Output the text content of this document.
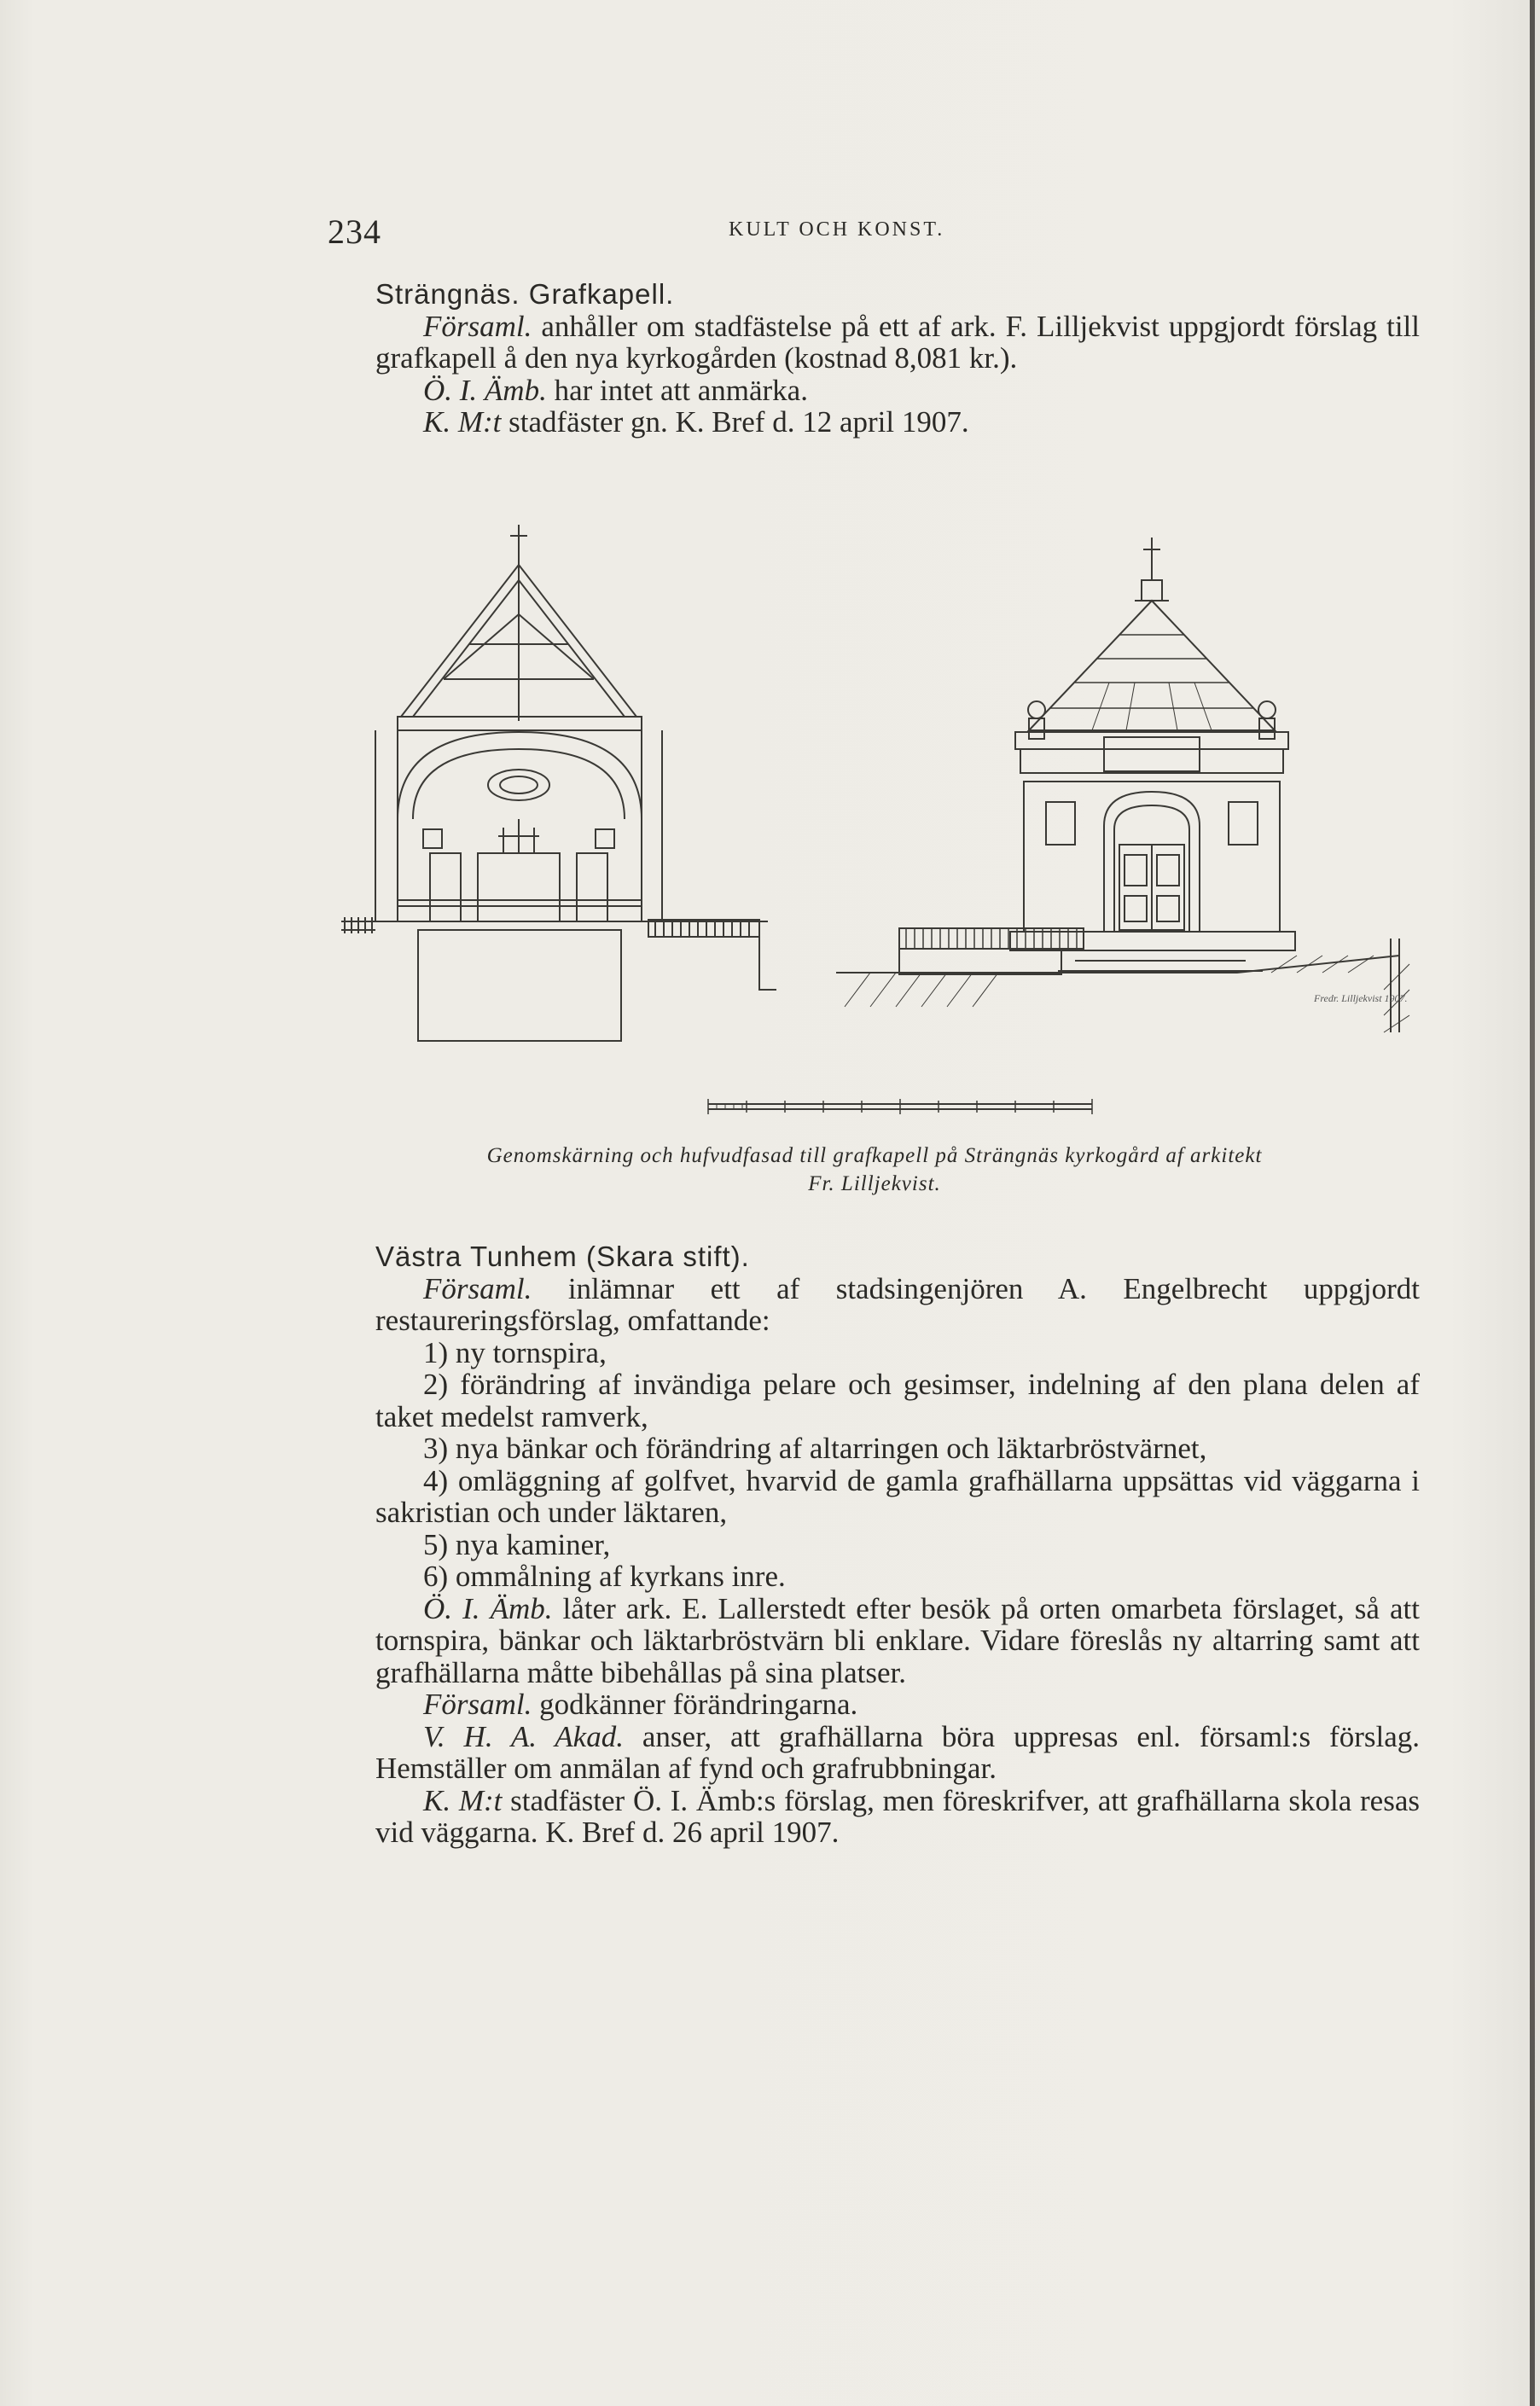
234	KULT OCH KONST.

Strängnäs. Grafkapell.

Församl. anhåller om stadfästelse på ett af ark. F. Lilljekvist uppgjordt förslag till grafkapell å den nya kyrkogården (kostnad 8,081 kr.).

Ö. I. Ämb. har intet att anmärka.

K. M:t stadfäster gn. K. Bref d. 12 april 1907.

Fredr. Lilljekvist 1907.
Genomskärning och hufvudfasad till grafkapell på Strängnäs kyrkogård af arkitekt
Fr. Lilljekvist.

Västra Tunhem (Skara stift).

Församl. inlämnar ett af stadsingenjören A. Engelbrecht uppgjordt restaureringsförslag, omfattande:

1) ny tornspira,

2) förändring af invändiga pelare och gesimser, indelning af den plana delen af taket medelst ramverk,

3) nya bänkar och förändring af altarringen och läktarbröstvärnet,

4) omläggning af golfvet, hvarvid de gamla grafhällarna uppsättas vid väggarna i sakristian och under läktaren,

5) nya kaminer,

6) ommålning af kyrkans inre.

Ö. I. Ämb. låter ark. E. Lallerstedt efter besök på orten omarbeta förslaget, så att tornspira, bänkar och läktarbröstvärn bli enklare. Vidare föreslås ny altarring samt att grafhällarna måtte bibehållas på sina platser.

Församl. godkänner förändringarna.

V. H. A. Akad. anser, att grafhällarna böra uppresas enl. församl:s förslag. Hemställer om anmälan af fynd och grafrubbningar.

K. M:t stadfäster Ö. I. Ämb:s förslag, men föreskrifver, att grafhällarna skola resas vid väggarna. K. Bref d. 26 april 1907.
